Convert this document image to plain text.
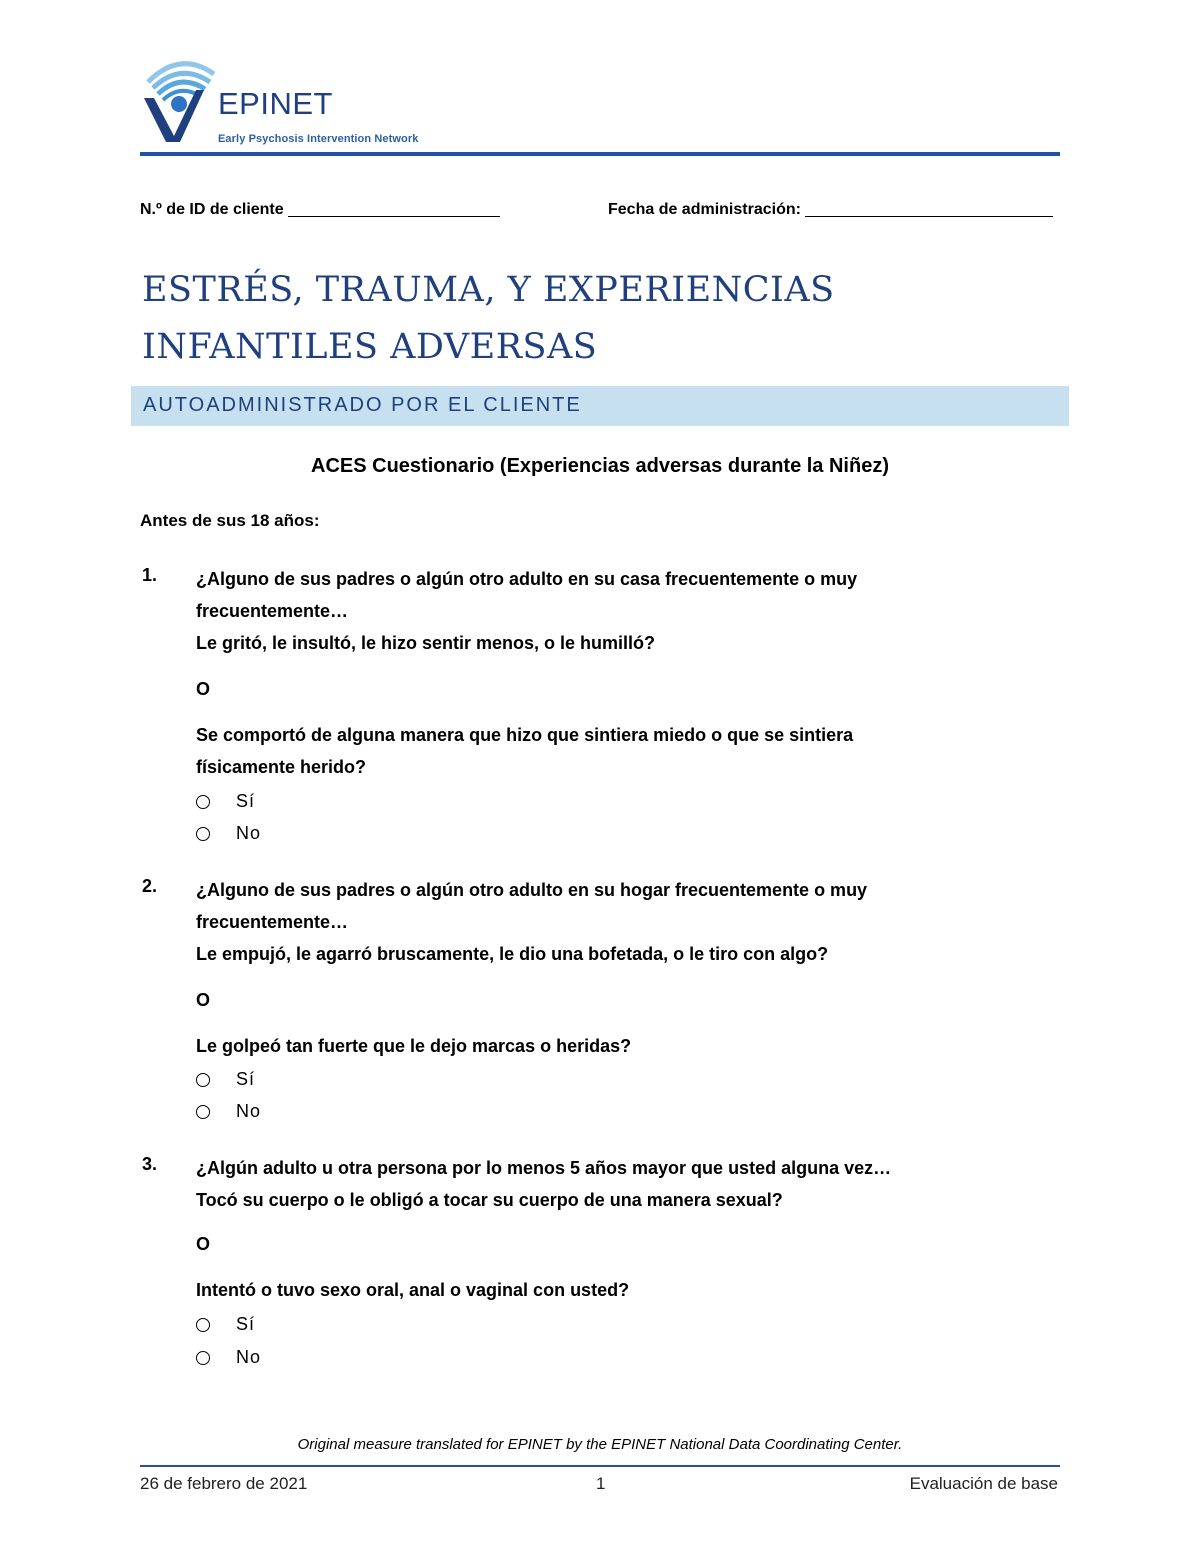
EPINET
Early Psychosis Intervention Network
N.º de ID de cliente	Fecha de administración:
ESTRÉS, TRAUMA, Y EXPERIENCIAS
INFANTILES ADVERSAS
AUTOADMINISTRADO POR EL CLIENTE
ACES Cuestionario (Experiencias adversas durante la Niñez)
Antes de sus 18 años:
1. ¿Alguno de sus padres o algún otro adulto en su casa frecuentemente o muy
frecuentemente…
Le gritó, le insultó, le hizo sentir menos, o le humilló?
O
Se comportó de alguna manera que hizo que sintiera miedo o que se sintiera
físicamente herido?
Sí
No
2. ¿Alguno de sus padres o algún otro adulto en su hogar frecuentemente o muy
frecuentemente…
Le empujó, le agarró bruscamente, le dio una bofetada, o le tiro con algo?
O
Le golpeó tan fuerte que le dejo marcas o heridas?
Sí
No
3. ¿Algún adulto u otra persona por lo menos 5 años mayor que usted alguna vez…
Tocó su cuerpo o le obligó a tocar su cuerpo de una manera sexual?
O
Intentó o tuvo sexo oral, anal o vaginal con usted?
Sí
No
Original measure translated for EPINET by the EPINET National Data Coordinating Center.
26 de febrero de 2021	1	Evaluación de base
